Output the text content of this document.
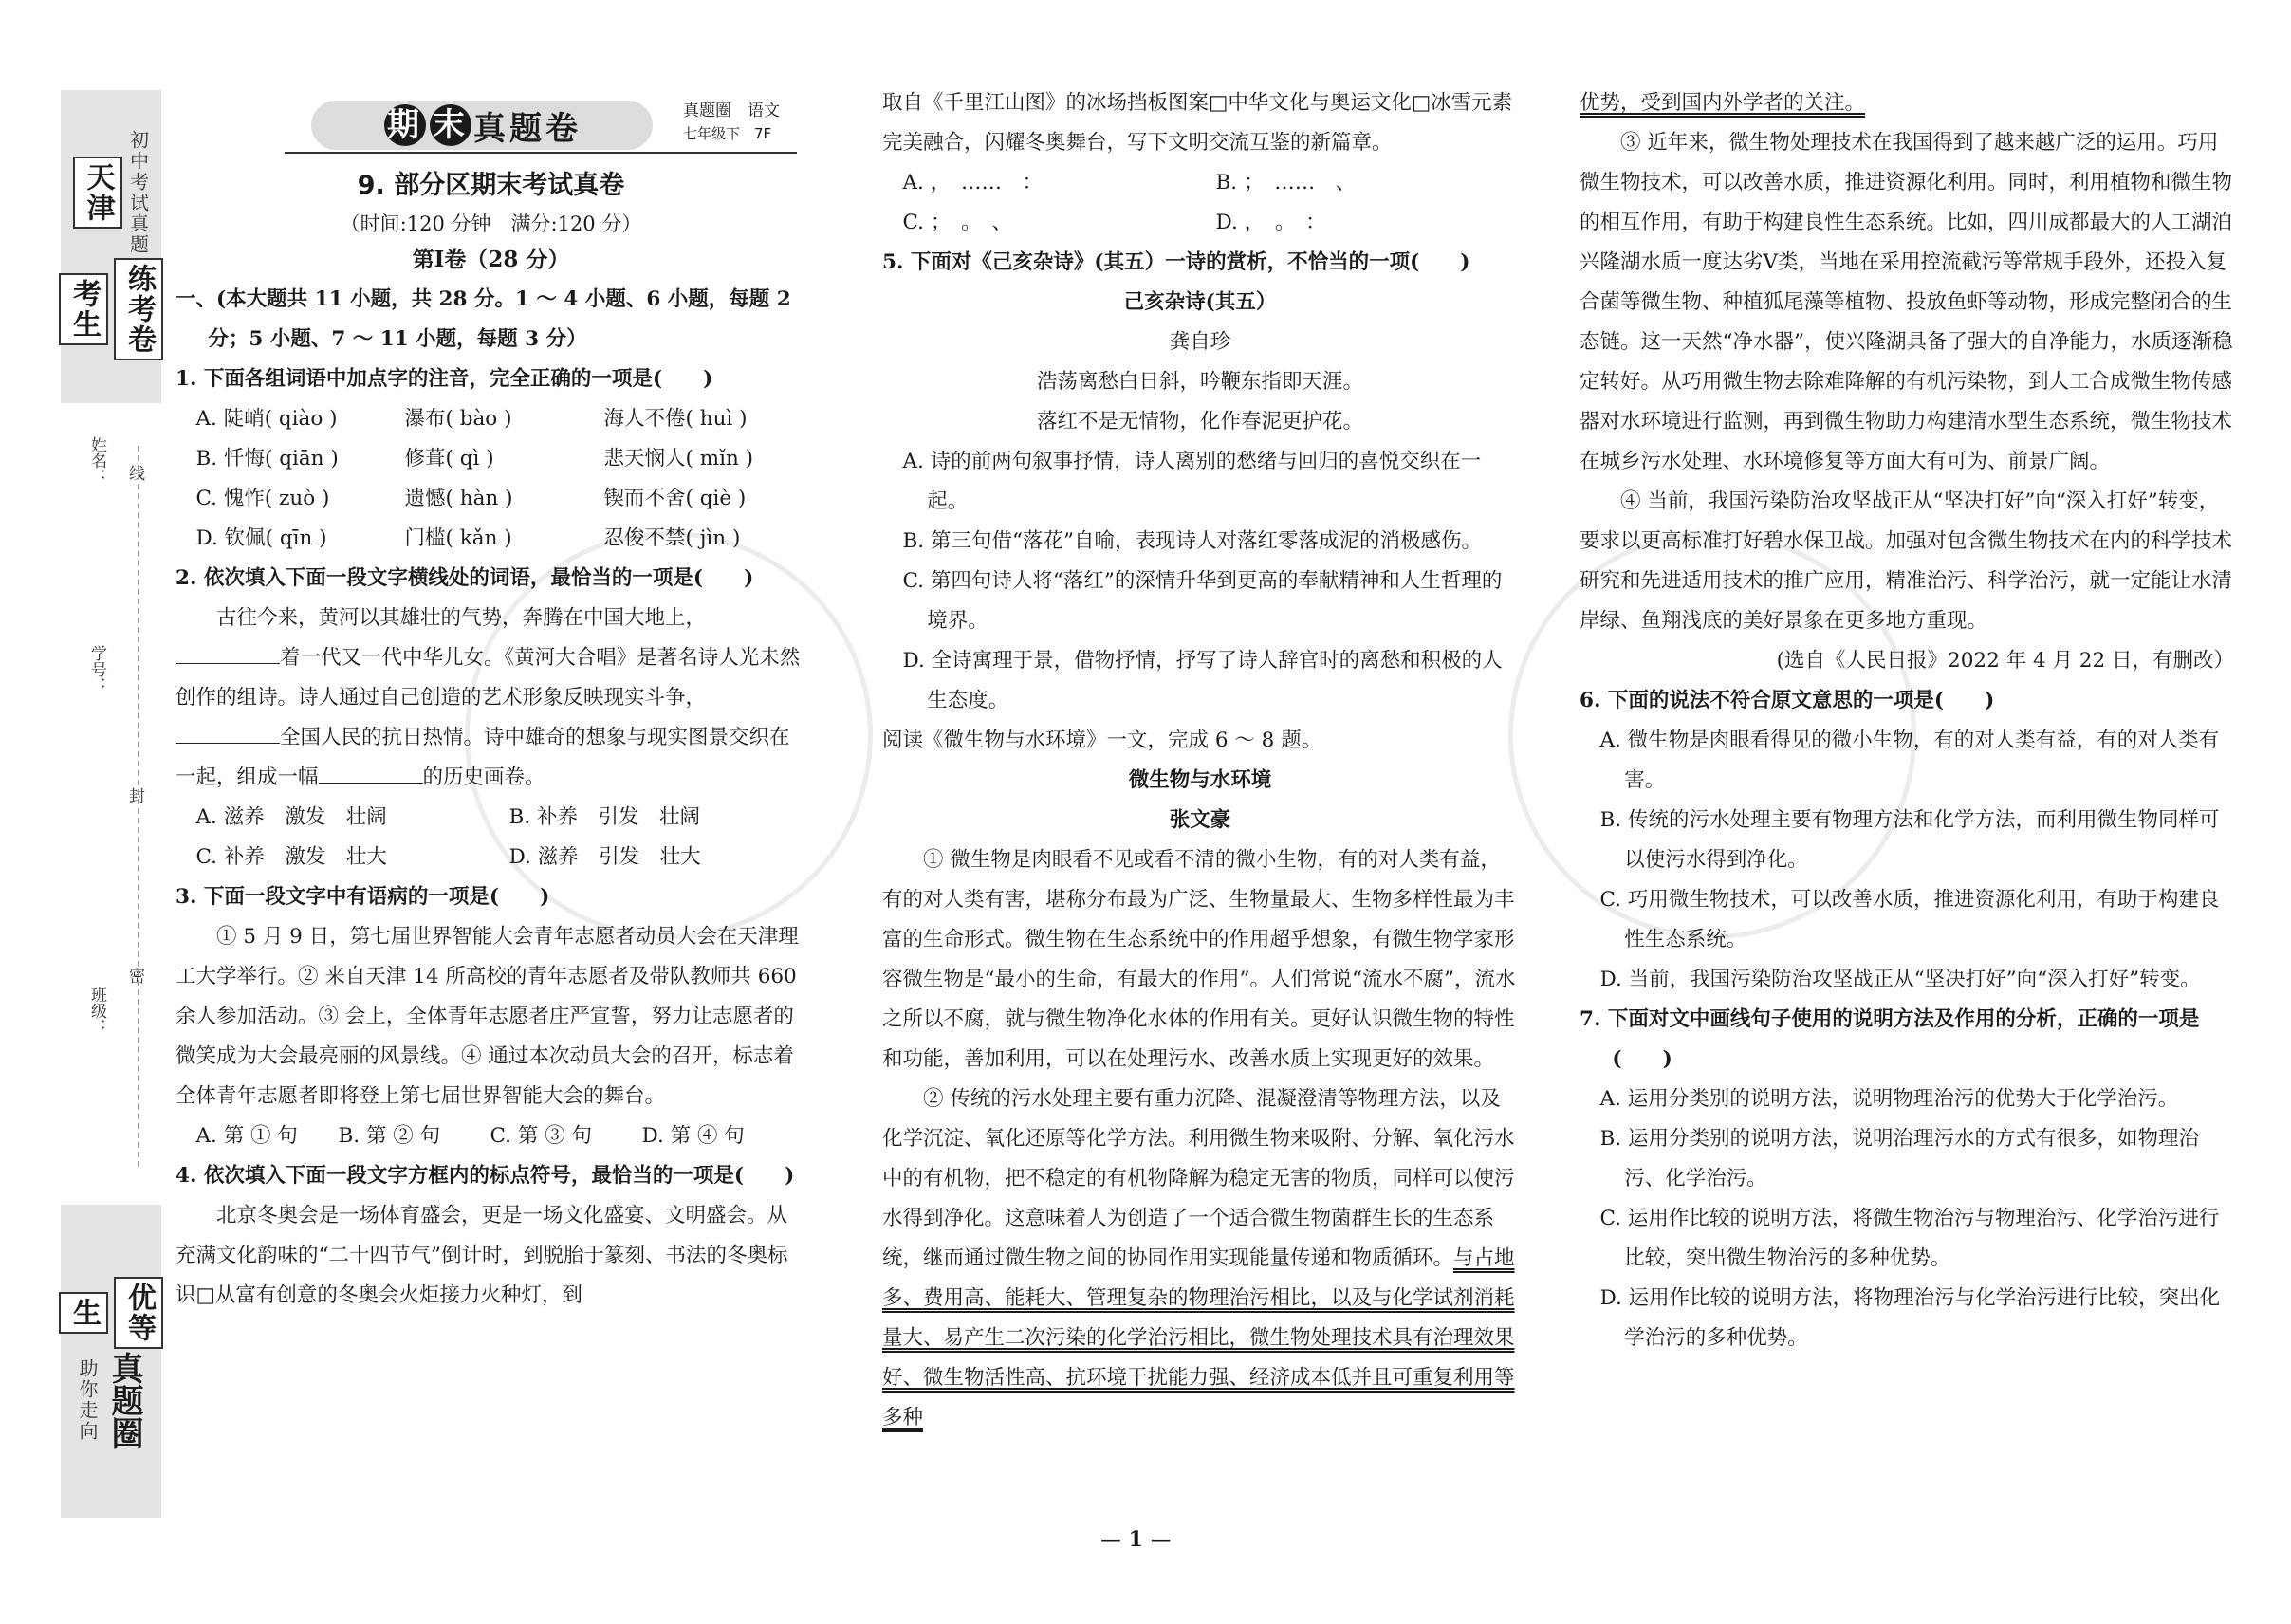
初中考试真题
天津
练考卷
考生
姓名： 线
学号：
封
班级：
密
优等
生
真题圈
助你走向
期 末 真题卷	真题圈　语文
七年级下　7F

9. 部分区期末考试真卷

（时间:120 分钟　满分:120 分）

第Ⅰ卷（28 分）

一、(本大题共 11 小题，共 28 分。1 ～ 4 小题、6 小题，每题 2 分；5 小题、7 ～ 11 小题，每题 3 分）

1. 下面各组词语中加点字的注音，完全正确的一项是(　　)

A. 陡峭( qiào )	瀑布( bào )	海人不倦( huì )
B. 忏悔( qiān )	修葺( qì )	悲天悯人( mǐn )
C. 愧怍( zuò )	遗憾( hàn )	锲而不舍( qiè )
D. 钦佩( qīn )	门槛( kǎn )	忍俊不禁( jìn )

2. 依次填入下面一段文字横线处的词语，最恰当的一项是(　　)

古往今来，黄河以其雄壮的气势，奔腾在中国大地上，着一代又一代中华儿女。《黄河大合唱》是著名诗人光未然创作的组诗。诗人通过自己创造的艺术形象反映现实斗争，全国人民的抗日热情。诗中雄奇的想象与现实图景交织在一起，组成一幅	的历史画卷。

A. 滋养　激发　壮阔	B. 补养　引发　壮阔
C. 补养　激发　壮大	D. 滋养　引发　壮大

3. 下面一段文字中有语病的一项是(　　)

① 5 月 9 日，第七届世界智能大会青年志愿者动员大会在天津理工大学举行。② 来自天津 14 所高校的青年志愿者及带队教师共 660 余人参加活动。③ 会上，全体青年志愿者庄严宣誓，努力让志愿者的微笑成为大会最亮丽的风景线。④ 通过本次动员大会的召开，标志着全体青年志愿者即将登上第七届世界智能大会的舞台。

A. 第 ① 句	B. 第 ② 句	C. 第 ③ 句	D. 第 ④ 句

4. 依次填入下面一段文字方框内的标点符号，最恰当的一项是(　　)

北京冬奥会是一场体育盛会，更是一场文化盛宴、文明盛会。从充满文化韵味的“二十四节气”倒计时，到脱胎于篆刻、书法的冬奥标识□从富有创意的冬奥会火炬接力火种灯，到

取自《千里江山图》的冰场挡板图案□中华文化与奥运文化□冰雪元素完美融合，闪耀冬奥舞台，写下文明交流互鉴的新篇章。

A. ，　……　：	B. ；　……　、
C. ；　。　、	D. ，　。　：

5. 下面对《己亥杂诗》(其五）一诗的赏析，不恰当的一项(　　)

己亥杂诗(其五）

龚自珍

浩荡离愁白日斜，吟鞭东指即天涯。

落红不是无情物，化作春泥更护花。

A. 诗的前两句叙事抒情，诗人离别的愁绪与回归的喜悦交织在一起。

B. 第三句借“落花”自喻，表现诗人对落红零落成泥的消极感伤。

C. 第四句诗人将“落红”的深情升华到更高的奉献精神和人生哲理的境界。

D. 全诗寓理于景，借物抒情，抒写了诗人辞官时的离愁和积极的人生态度。

阅读《微生物与水环境》一文，完成 6 ～ 8 题。

微生物与水环境

张文豪

① 微生物是肉眼看不见或看不清的微小生物，有的对人类有益，有的对人类有害，堪称分布最为广泛、生物量最大、生物多样性最为丰富的生命形式。微生物在生态系统中的作用超乎想象，有微生物学家形容微生物是“最小的生命，有最大的作用”。人们常说“流水不腐”，流水之所以不腐，就与微生物净化水体的作用有关。更好认识微生物的特性和功能，善加利用，可以在处理污水、改善水质上实现更好的效果。

② 传统的污水处理主要有重力沉降、混凝澄清等物理方法，以及化学沉淀、氧化还原等化学方法。利用微生物来吸附、分解、氧化污水中的有机物，把不稳定的有机物降解为稳定无害的物质，同样可以使污水得到净化。这意味着人为创造了一个适合微生物菌群生长的生态系统，继而通过微生物之间的协同作用实现能量传递和物质循环。与占地多、费用高、能耗大、管理复杂的物理治污相比，以及与化学试剂消耗量大、易产生二次污染的化学治污相比，微生物处理技术具有治理效果好、微生物活性高、抗环境干扰能力强、经济成本低并且可重复利用等多种

优势，受到国内外学者的关注。

③ 近年来，微生物处理技术在我国得到了越来越广泛的运用。巧用微生物技术，可以改善水质，推进资源化利用。同时，利用植物和微生物的相互作用，有助于构建良性生态系统。比如，四川成都最大的人工湖泊兴隆湖水质一度达劣Ⅴ类，当地在采用控流截污等常规手段外，还投入复合菌等微生物、种植狐尾藻等植物、投放鱼虾等动物，形成完整闭合的生态链。这一天然“净水器”，使兴隆湖具备了强大的自净能力，水质逐渐稳定转好。从巧用微生物去除难降解的有机污染物，到人工合成微生物传感器对水环境进行监测，再到微生物助力构建清水型生态系统，微生物技术在城乡污水处理、水环境修复等方面大有可为、前景广阔。

④ 当前，我国污染防治攻坚战正从“坚决打好”向“深入打好”转变，要求以更高标准打好碧水保卫战。加强对包含微生物技术在内的科学技术研究和先进适用技术的推广应用，精准治污、科学治污，就一定能让水清岸绿、鱼翔浅底的美好景象在更多地方重现。

(选自《人民日报》2022 年 4 月 22 日，有删改）

6. 下面的说法不符合原文意思的一项是(　　)

A. 微生物是肉眼看得见的微小生物，有的对人类有益，有的对人类有害。

B. 传统的污水处理主要有物理方法和化学方法，而利用微生物同样可以使污水得到净化。

C. 巧用微生物技术，可以改善水质，推进资源化利用，有助于构建良性生态系统。

D. 当前，我国污染防治攻坚战正从“坚决打好”向“深入打好”转变。

7. 下面对文中画线句子使用的说明方法及作用的分析，正确的一项是(　　)

A. 运用分类别的说明方法，说明物理治污的优势大于化学治污。

B. 运用分类别的说明方法，说明治理污水的方式有很多，如物理治污、化学治污。

C. 运用作比较的说明方法，将微生物治污与物理治污、化学治污进行比较，突出微生物治污的多种优势。

D. 运用作比较的说明方法，将物理治污与化学治污进行比较，突出化学治污的多种优势。

— 1 —
